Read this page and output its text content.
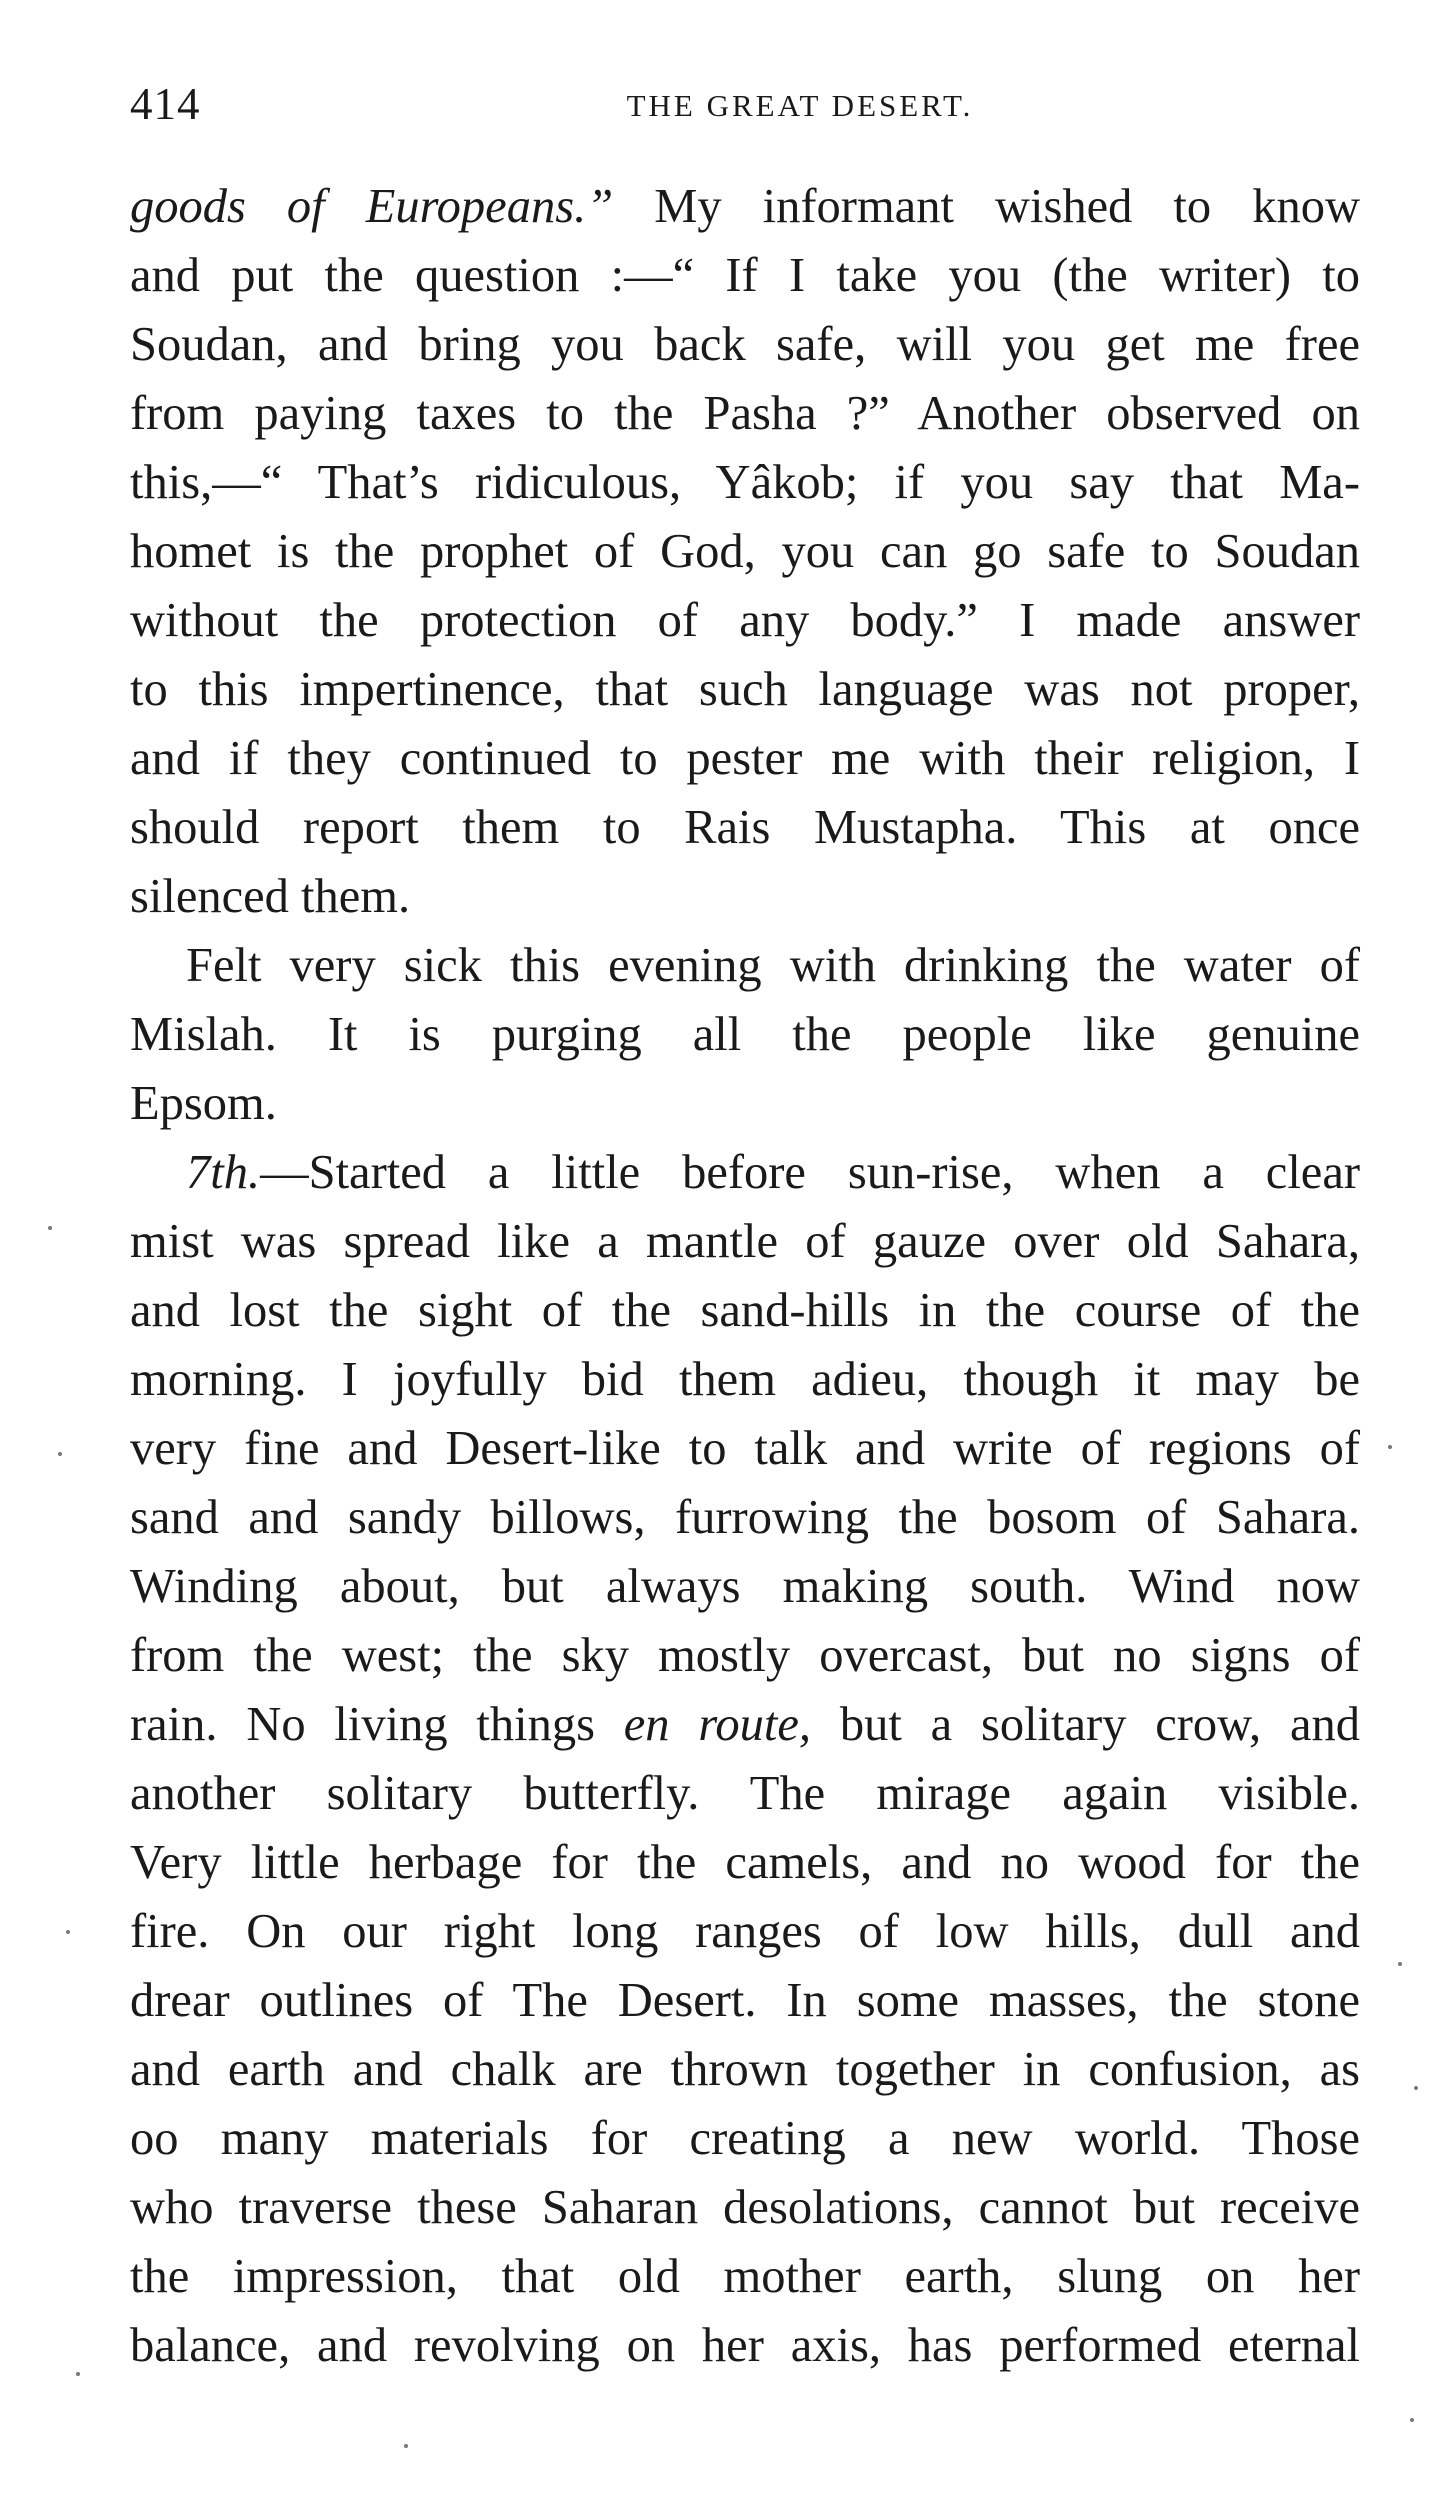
414	THE GREAT DESERT.
goods of Europeans.” My informant wished to know
and put the question :—“ If I take you (the writer) to
Soudan, and bring you back safe, will you get me free
from paying taxes to the Pasha ?” Another observed on
this,—“ That’s ridiculous, Yâkob; if you say that Ma-
homet is the prophet of God, you can go safe to Soudan
without the protection of any body.” I made answer
to this impertinence, that such language was not proper,
and if they continued to pester me with their religion, I
should report them to Rais Mustapha. This at once
silenced them.
Felt very sick this evening with drinking the water of
Mislah. It is purging all the people like genuine
Epsom.
7th.—Started a little before sun-rise, when a clear
mist was spread like a mantle of gauze over old Sahara,
and lost the sight of the sand-hills in the course of the
morning. I joyfully bid them adieu, though it may be
very fine and Desert-like to talk and write of regions of
sand and sandy billows, furrowing the bosom of Sahara.
Winding about, but always making south. Wind now
from the west; the sky mostly overcast, but no signs of
rain. No living things en route, but a solitary crow, and
another solitary butterfly. The mirage again visible.
Very little herbage for the camels, and no wood for the
fire. On our right long ranges of low hills, dull and
drear outlines of The Desert. In some masses, the stone
and earth and chalk are thrown together in confusion, as
oo many materials for creating a new world. Those
who traverse these Saharan desolations, cannot but receive
the impression, that old mother earth, slung on her
balance, and revolving on her axis, has performed eternal
